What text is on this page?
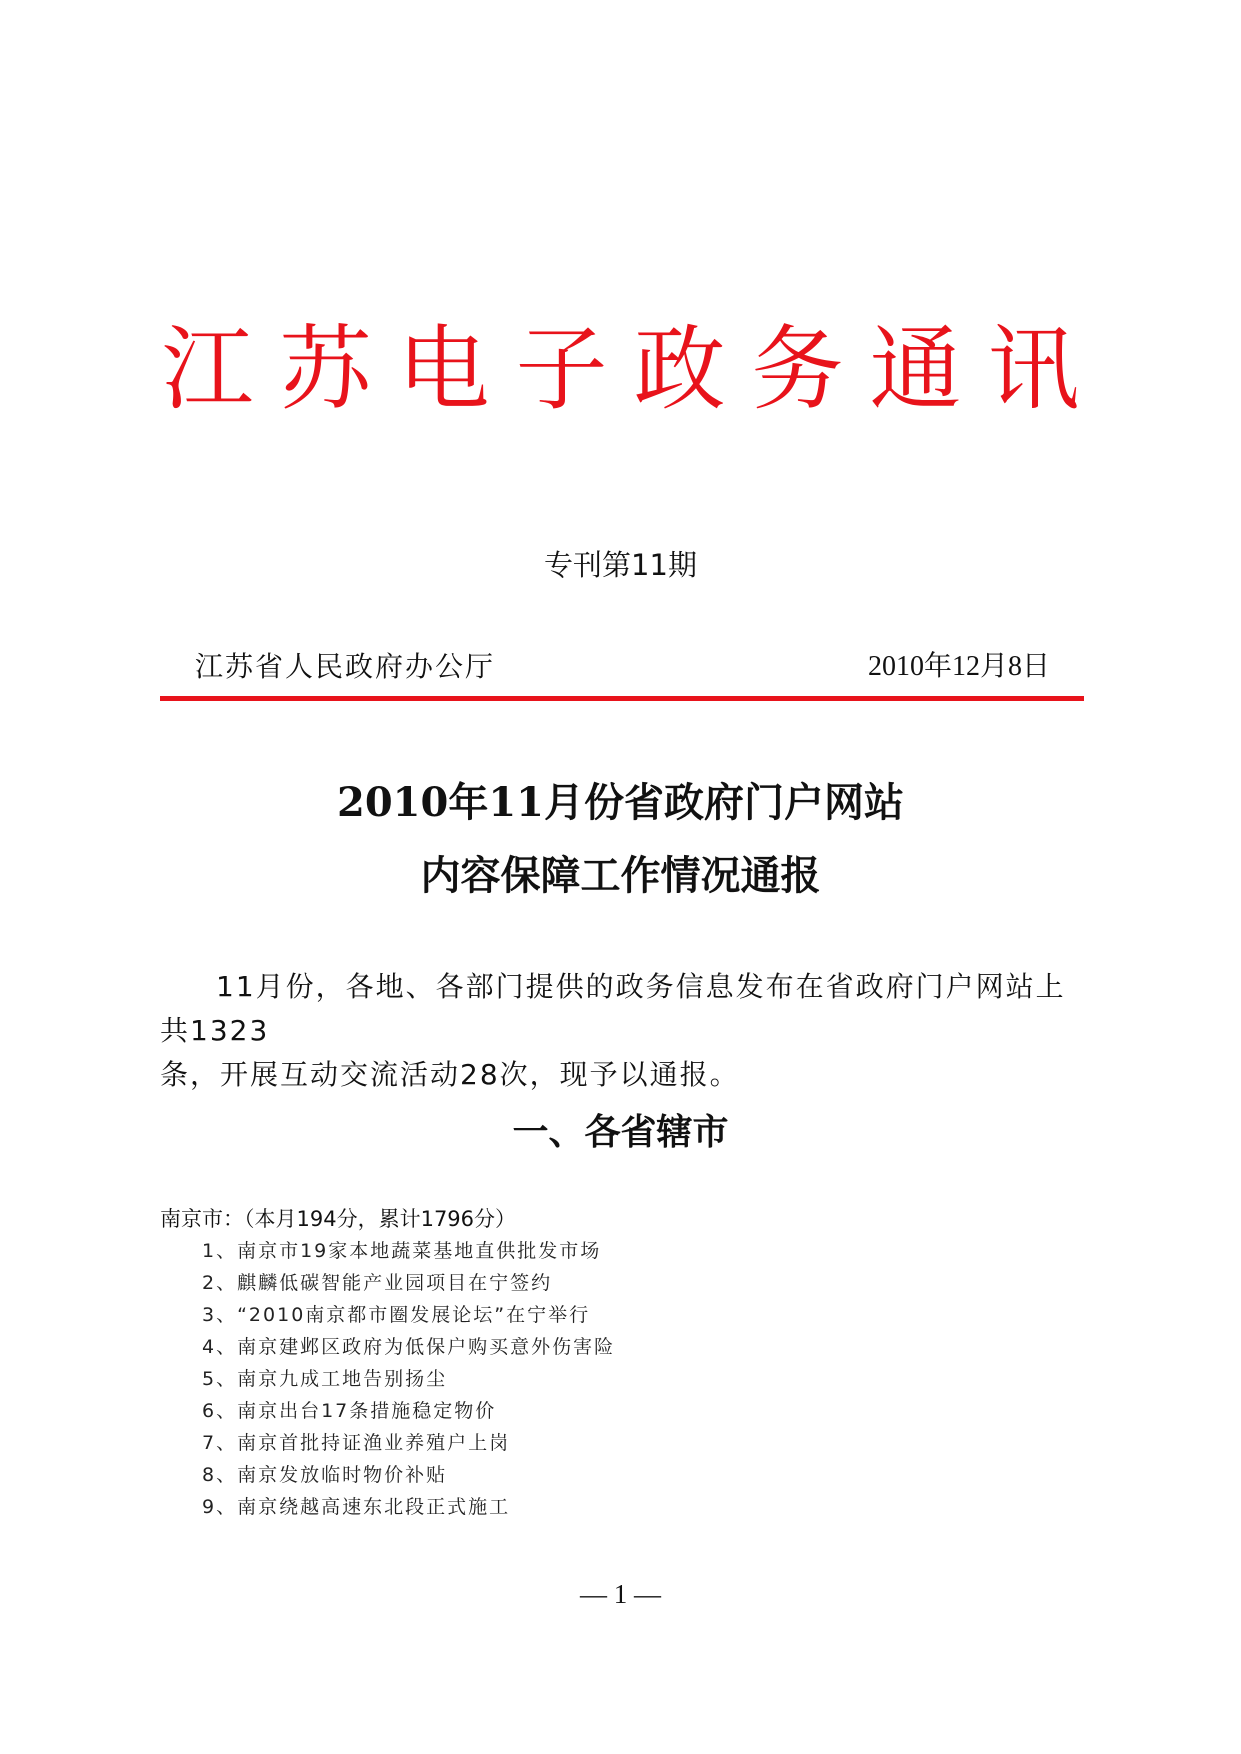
江苏电子政务通讯
专刊第11期
江苏省人民政府办公厅	2010年12月8日
2010年11月份省政府门户网站
内容保障工作情况通报
11月份，各地、各部门提供的政务信息发布在省政府门户网站上共1323
条，开展互动交流活动28次，现予以通报。
一、各省辖市
南京市：（本月194分，累计1796分）
1、南京市19家本地蔬菜基地直供批发市场
2、麒麟低碳智能产业园项目在宁签约
3、“2010南京都市圈发展论坛”在宁举行
4、南京建邺区政府为低保户购买意外伤害险
5、南京九成工地告别扬尘
6、南京出台17条措施稳定物价
7、南京首批持证渔业养殖户上岗
8、南京发放临时物价补贴
9、南京绕越高速东北段正式施工
— 1 —
